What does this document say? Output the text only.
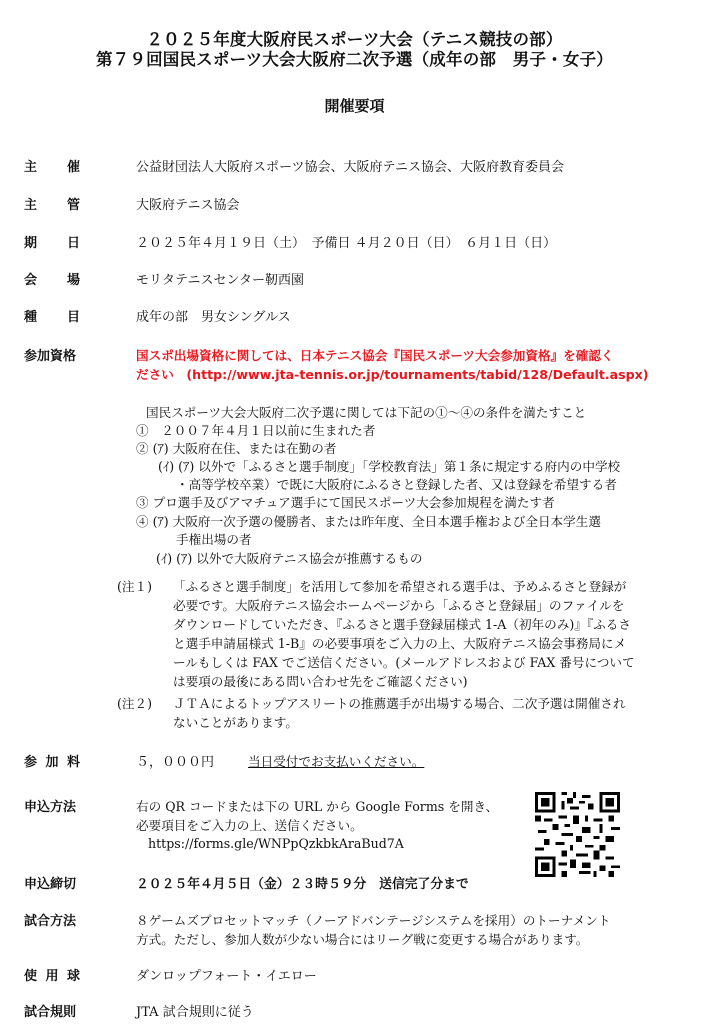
２０２５年度大阪府民スポーツ大会（テニス競技の部）
第７９回国民スポーツ大会大阪府二次予選（成年の部　男子・女子）
開催要項
主 催	公益財団法人大阪府スポーツ協会、大阪府テニス協会、大阪府教育委員会
主 管	大阪府テニス協会
期 日	２０２５年４月１９日（土）　予備日 ４月２０日（日）　６月１日（日）
会 場	モリタテニスセンター靭西園
種 目	成年の部　男女シングルス
参加資格	国スポ出場資格に関しては、日本テニス協会『国民スポーツ大会参加資格』を確認く
ださい　(http://www.jta-tennis.or.jp/tournaments/tabid/128/Default.aspx)
国民スポーツ大会大阪府二次予選に関しては下記の①～④の条件を満たすこと
①　２００７年４月１日以前に生まれた者
② (ｱ) 大阪府在住、または在勤の者
(ｲ) (ｱ) 以外で「ふるさと選手制度」「学校教育法」第１条に規定する府内の中学校
・高等学校卒業）で既に大阪府にふるさと登録した者、又は登録を希望する者
③ プロ選手及びアマチュア選手にて国民スポーツ大会参加規程を満たす者
④ (ｱ) 大阪府一次予選の優勝者、または昨年度、全日本選手権および全日本学生選
手権出場の者
(ｲ) (ｱ) 以外で大阪府テニス協会が推薦するもの
(注１) 「ふるさと選手制度」を活用して参加を希望される選手は、予めふるさと登録が
必要です。大阪府テニス協会ホームページから「ふるさと登録届」のファイルを
ダウンロードしていただき、『ふるさと選手登録届様式 1-A（初年のみ)』『ふるさ
と選手申請届様式 1-B』の必要事項をご入力の上、大阪府テニス協会事務局にメ
ールもしくは FAX でご送信ください。(メールアドレスおよび FAX 番号について
は要項の最後にある問い合わせ先をご確認ください)
(注２) ＪＴＡによるトップアスリートの推薦選手が出場する場合、二次予選は開催され
ないことがあります。
参 加 料	５，０００円	当日受付でお支払いください。
申込方法	右の QR コードまたは下の URL から Google Forms を開き、
必要項目をご入力の上、送信ください。
https://forms.gle/WNPpQzkbkAraBud7A
申込締切	２０２５年４月５日（金）２３時５９分　送信完了分まで
試合方法	８ゲームズプロセットマッチ（ノーアドバンテージシステムを採用）のトーナメント
方式。ただし、参加人数が少ない場合にはリーグ戦に変更する場合があります。
使 用 球	ダンロップフォート・イエロー
試合規則	JTA 試合規則に従う
